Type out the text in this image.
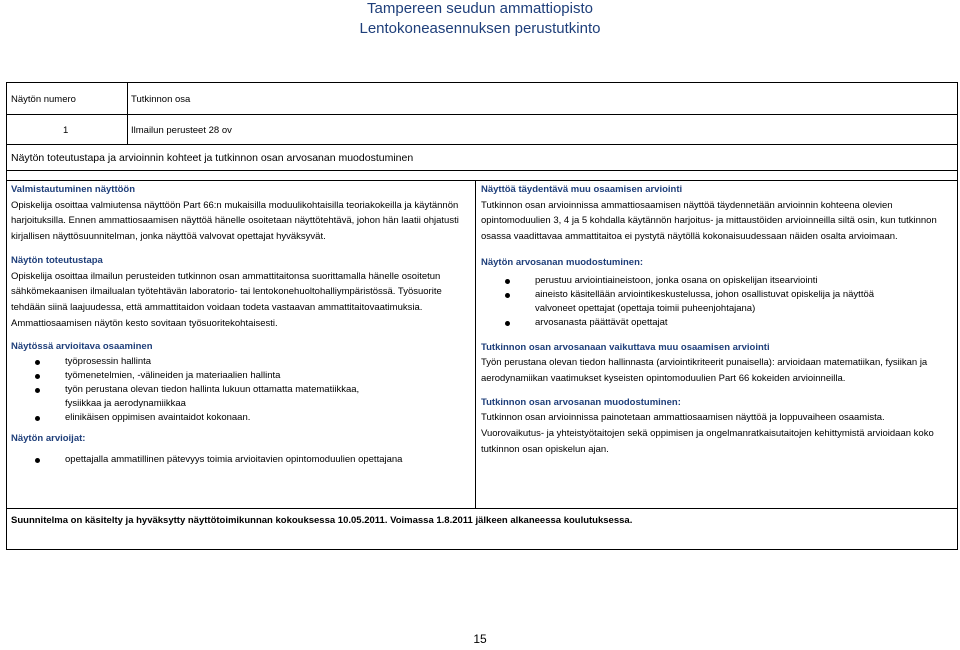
Tampereen seudun ammattiopisto
Lentokoneasennuksen perustutkinto
Näytön numero	Tutkinnon osa
1	Ilmailun perusteet 28 ov
Näytön toteutustapa ja arvioinnin kohteet ja tutkinnon osan arvosanan muodostuminen
Valmistautuminen näyttöön
Opiskelija osoittaa valmiutensa näyttöön Part 66:n mukaisilla moduulikohtaisilla teoriakokeilla ja käytännön harjoituksilla. Ennen ammattiosaamisen näyttöä hänelle osoitetaan näyttötehtävä, johon hän laatii ohjatusti kirjallisen näyttösuunnitelman, jonka näyttöä valvovat opettajat hyväksyvät.
Näytön toteutustapa
Opiskelija osoittaa ilmailun perusteiden tutkinnon osan ammattitaitonsa suorittamalla hänelle osoitetun sähkömekaanisen ilmailualan työtehtävän laboratorio- tai lentokonehuoltohalliympäristössä. Työsuorite tehdään siinä laajuudessa, että ammattitaidon voidaan todeta vastaavan ammattitaitovaatimuksia. Ammattiosaamisen näytön kesto sovitaan työsuoritekohtaisesti.
Näytössä arvioitava osaaminen
työprosessin hallinta
työmenetelmien, -välineiden ja materiaalien hallinta
työn perustana olevan tiedon hallinta lukuun ottamatta matematiikkaa, fysiikkaa ja aerodynamiikkaa
elinikäisen oppimisen avaintaidot kokonaan.
Näytön arvioijat:
opettajalla ammatillinen pätevyys toimia arvioitavien opintomoduulien opettajana
Näyttöä täydentävä muu osaamisen arviointi
Tutkinnon osan arvioinnissa ammattiosaamisen näyttöä täydennetään arvioinnin kohteena olevien opintomoduulien 3, 4 ja 5 kohdalla käytännön harjoitus- ja mittaustöiden arvioinneilla siltä osin, kun tutkinnon osassa vaadittavaa ammattitaitoa ei pystytä näytöllä kokonaisuudessaan näiden osalta arvioimaan.
Näytön arvosanan muodostuminen:
perustuu arviointiaineistoon, jonka osana on opiskelijan itsearviointi
aineisto käsitellään arviointikeskustelussa, johon osallistuvat opiskelija ja näyttöä valvoneet opettajat (opettaja toimii puheenjohtajana)
arvosanasta päättävät opettajat
Tutkinnon osan arvosanaan vaikuttava muu osaamisen arviointi
Työn perustana olevan tiedon hallinnasta (arviointikriteerit punaisella): arvioidaan matematiikan, fysiikan ja aerodynamiikan vaatimukset kyseisten opintomoduulien Part 66 kokeiden arvioinneilla.
Tutkinnon osan arvosanan muodostuminen:
Tutkinnon osan arvioinnissa painotetaan ammattiosaamisen näyttöä ja loppuvaiheen osaamista. Vuorovaikutus- ja yhteistyötaitojen sekä oppimisen ja ongelmanratkaisutaitojen kehittymistä arvioidaan koko tutkinnon osan opiskelun ajan.
Suunnitelma on käsitelty ja hyväksytty näyttötoimikunnan kokouksessa 10.05.2011. Voimassa 1.8.2011 jälkeen alkaneessa koulutuksessa.
15
